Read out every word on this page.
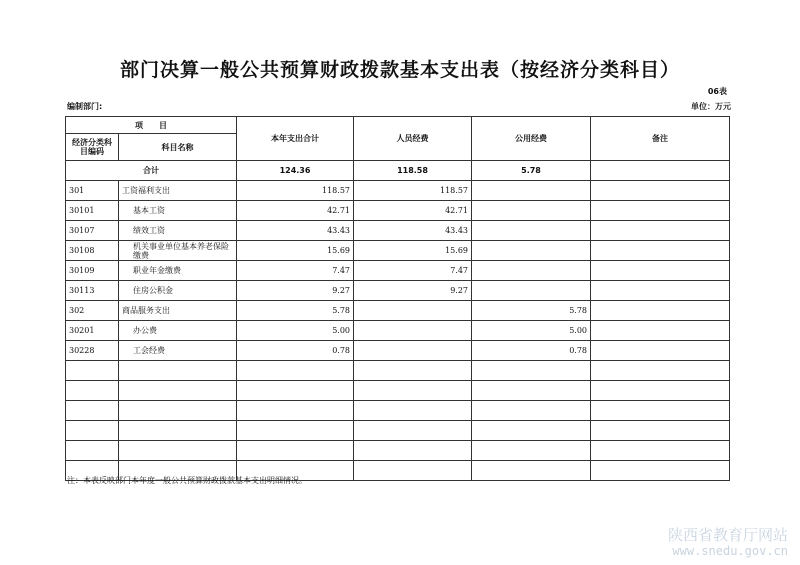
部门决算一般公共预算财政拨款基本支出表（按经济分类科目）
06表
编制部门:	单位：万元
项　　目		本年支出合计	人员经费	公用经费	备注
经济分类科目编码	科目名称				
合计		124.36	118.58	5.78	
301	工资福利支出	118.57	118.57		
30101	基本工资	42.71	42.71		
30107	绩效工资	43.43	43.43		
30108	机关事业单位基本养老保险缴费	15.69	15.69		
30109	职业年金缴费	7.47	7.47		
30113	住房公积金	9.27	9.27		
302	商品服务支出	5.78		5.78	
30201	办公费	5.00		5.00	
30228	工会经费	0.78		0.78	

注：本表反映部门本年度一般公共预算财政拨款基本支出明细情况。
陕西省教育厅网站
www.snedu.gov.cn
